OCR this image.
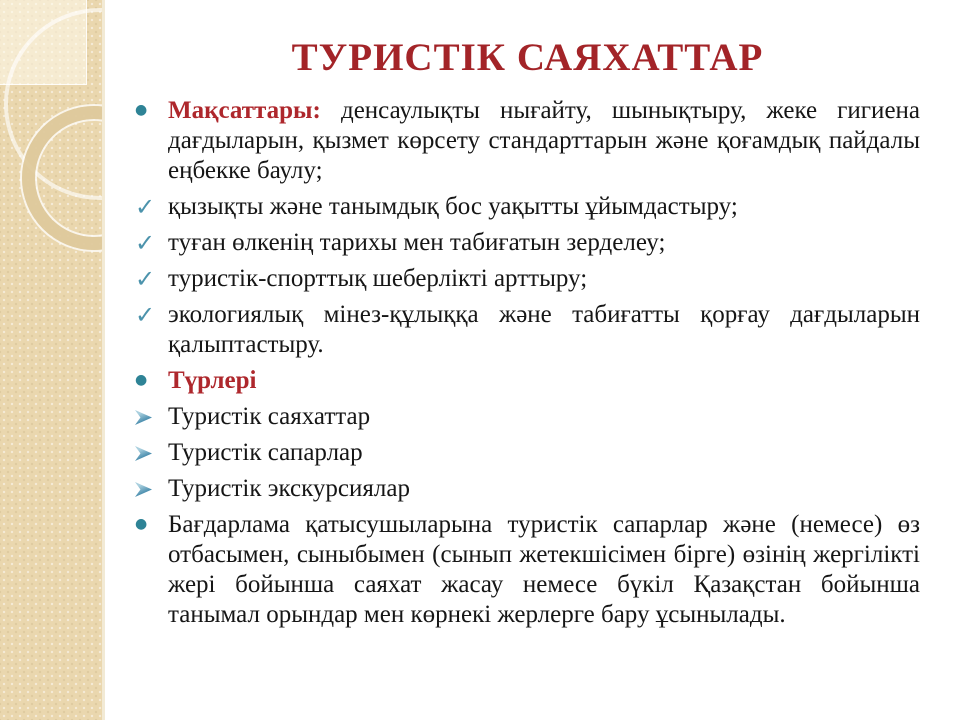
ТУРИСТІК САЯХАТТАР
● Мақсаттары: денсаулықты нығайту, шынықтыру, жеке гигиена дағдыларын, қызмет көрсету стандарттарын және қоғамдық пайдалы еңбекке баулу;
✓ қызықты және танымдық бос уақытты ұйымдастыру;
✓ туған өлкенің тарихы мен табиғатын зерделеу;
✓ туристік-спорттық шеберлікті арттыру;
✓ экологиялық мінез-құлыққа және табиғатты қорғау дағдыларын қалыптастыру.
● Түрлері
Туристік саяхаттар
Туристік сапарлар
Туристік экскурсиялар
● Бағдарлама қатысушыларына туристік сапарлар және (немесе) өз отбасымен, сыныбымен (сынып жетекшісімен бірге) өзінің жергілікті жері бойынша саяхат жасау немесе бүкіл Қазақстан бойынша танымал орындар мен көрнекі жерлерге бару ұсынылады.
